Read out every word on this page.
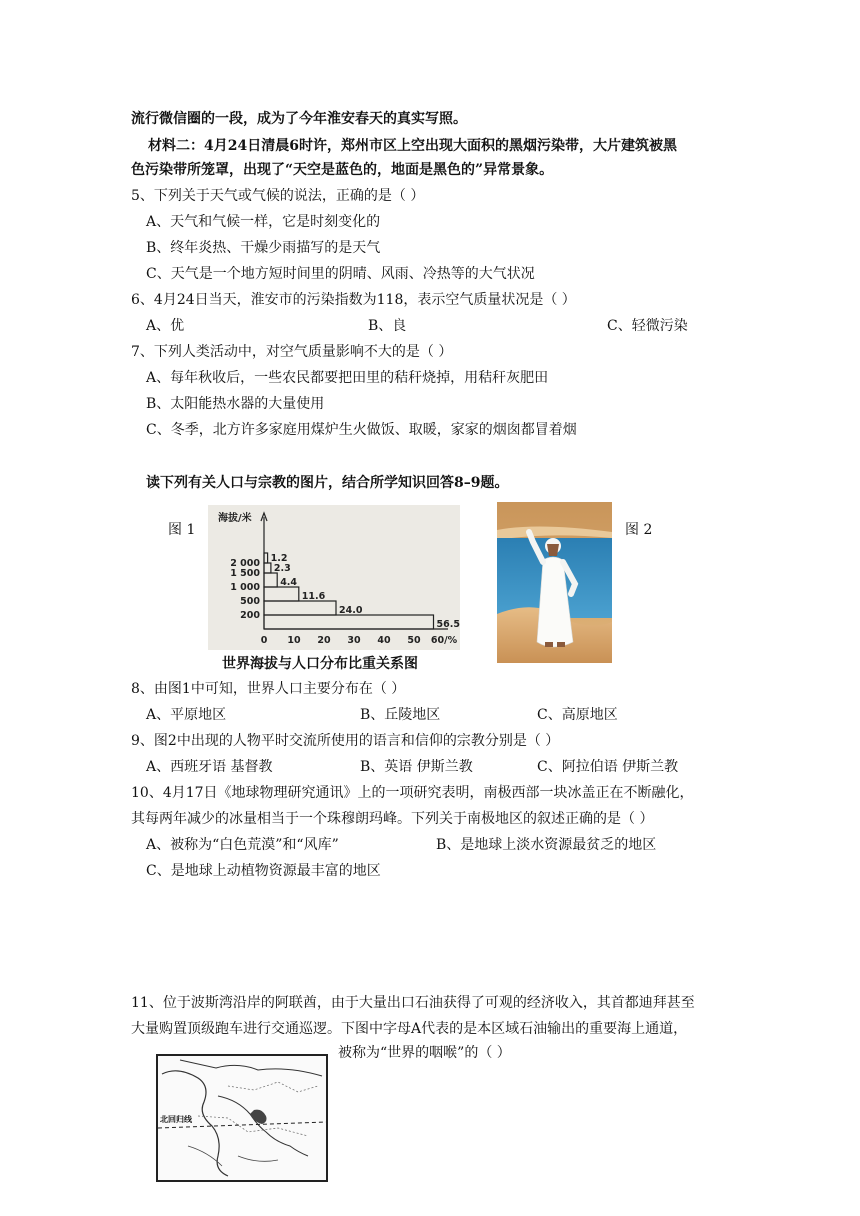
流行微信圈的一段，成为了今年淮安春天的真实写照。
材料二：4月24日清晨6时许，郑州市区上空出现大面积的黑烟污染带，大片建筑被黑
色污染带所笼罩，出现了“天空是蓝色的，地面是黑色的”异常景象。
5、下列关于天气或气候的说法，正确的是（ ）
A、天气和气候一样，它是时刻变化的
B、终年炎热、干燥少雨描写的是天气
C、天气是一个地方短时间里的阴晴、风雨、冷热等的大气状况
6、4月24日当天，淮安市的污染指数为118，表示空气质量状况是（ ）
A、优	B、良	C、轻微污染
7、下列人类活动中，对空气质量影响不大的是（ ）
A、每年秋收后，一些农民都要把田里的秸秆烧掉，用秸秆灰肥田
B、太阳能热水器的大量使用
C、冬季，北方许多家庭用煤炉生火做饭、取暖，家家的烟囱都冒着烟
读下列有关人口与宗教的图片，结合所学知识回答8–9题。
图 1	图 2
海拔/米
1.2
2.3
4.4
11.6
24.0
56.5
2 000
1 500
1 000
500
200
0 10 20 30 40 50 60/%
世界海拔与人口分布比重关系图
8、由图1中可知，世界人口主要分布在（ ）
A、平原地区	B、丘陵地区	C、高原地区
9、图2中出现的人物平时交流所使用的语言和信仰的宗教分别是（ ）
A、西班牙语 基督教	B、英语 伊斯兰教	C、阿拉伯语 伊斯兰教
10、4月17日《地球物理研究通讯》上的一项研究表明，南极西部一块冰盖正在不断融化，
其每两年减少的冰量相当于一个珠穆朗玛峰。下列关于南极地区的叙述正确的是（ ）
A、被称为“白色荒漠”和“风库”	B、是地球上淡水资源最贫乏的地区
C、是地球上动植物资源最丰富的地区
11、位于波斯湾沿岸的阿联酋，由于大量出口石油获得了可观的经济收入，其首都迪拜甚至
大量购置顶级跑车进行交通巡逻。下图中字母A代表的是本区域石油输出的重要海上通道，
被称为“世界的咽喉”的（ ）
北回归线
